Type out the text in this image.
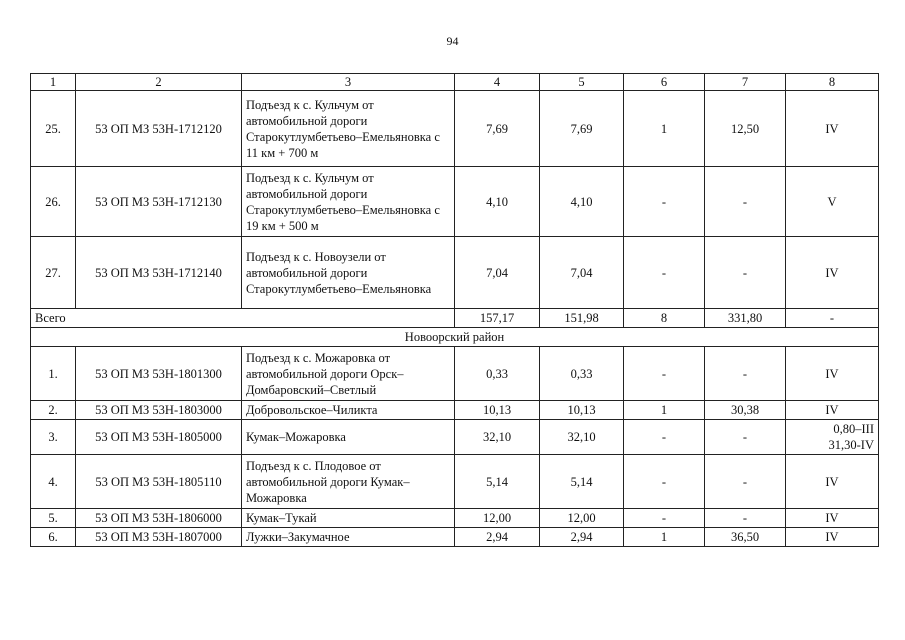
94
1	2	3	4	5	6	7	8
25.	53 ОП МЗ 53Н-1712120	Подъезд к с. Кульчум от автомобильной дороги Старокутлумбетьево–Емельяновка с 11 км + 700 м	7,69	7,69	1	12,50	IV
26.	53 ОП МЗ 53Н-1712130	Подъезд к с. Кульчум от автомобильной дороги Старокутлумбетьево–Емельяновка с 19 км + 500 м	4,10	4,10	-	-	V
27.	53 ОП МЗ 53Н-1712140	Подъезд к с. Новоузели от автомобильной дороги Старокутлумбетьево–Емельяновка	7,04	7,04	-	-	IV
Всего			157,17	151,98	8	331,80	-
Новоорский район							
1.	53 ОП МЗ 53Н-1801300	Подъезд к с. Можаровка от автомобильной дороги Орск–Домбаровский–Светлый	0,33	0,33	-	-	IV
2.	53 ОП МЗ 53Н-1803000	Добровольское–Чиликта	10,13	10,13	1	30,38	IV
3.	53 ОП МЗ 53Н-1805000	Кумак–Можаровка	32,10	32,10	-	-	0,80–III
31,30-IV
4.	53 ОП МЗ 53Н-1805110	Подъезд к с. Плодовое от автомобильной дороги Кумак–Можаровка	5,14	5,14	-	-	IV
5.	53 ОП МЗ 53Н-1806000	Кумак–Тукай	12,00	12,00	-	-	IV
6.	53 ОП МЗ 53Н-1807000	Лужки–Закумачное	2,94	2,94	1	36,50	IV
